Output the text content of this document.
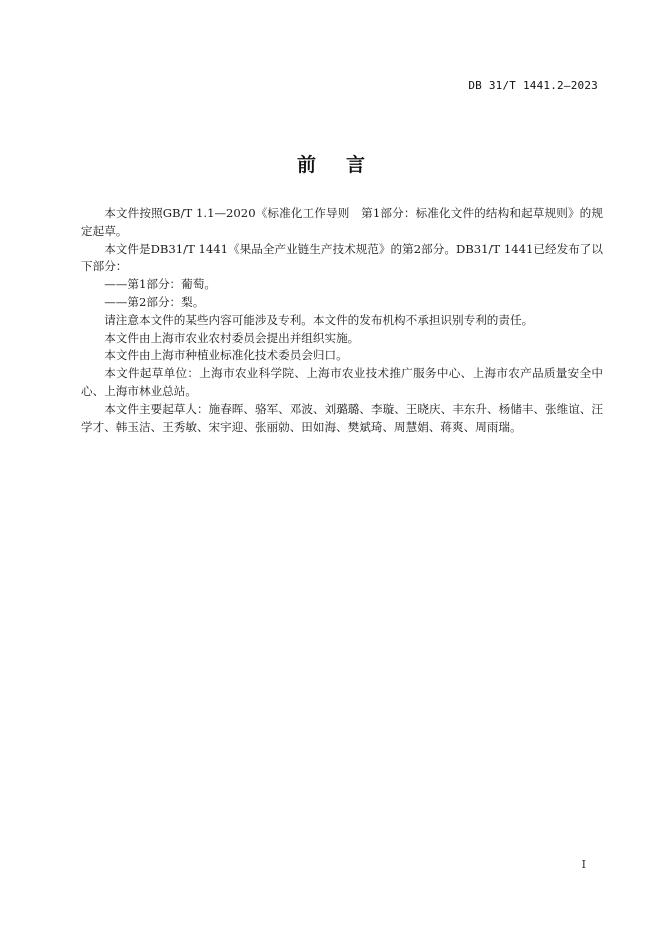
DB 31/T 1441.2—2023
前言

本文件按照GB/T 1.1—2020《标准化工作导则　第1部分：标准化文件的结构和起草规则》的规定起草。

本文件是DB31/T 1441《果品全产业链生产技术规范》的第2部分。DB31/T 1441已经发布了以下部分：

——第1部分：葡萄。

——第2部分：梨。

请注意本文件的某些内容可能涉及专利。本文件的发布机构不承担识别专利的责任。

本文件由上海市农业农村委员会提出并组织实施。

本文件由上海市种植业标准化技术委员会归口。

本文件起草单位：上海市农业科学院、上海市农业技术推广服务中心、上海市农产品质量安全中心、上海市林业总站。

本文件主要起草人：施春晖、骆军、邓波、刘璐璐、李璇、王晓庆、丰东升、杨储丰、张维谊、汪学才、韩玉洁、王秀敏、宋宇迎、张丽勍、田如海、樊斌琦、周慧娟、蒋爽、周雨瑞。

I
